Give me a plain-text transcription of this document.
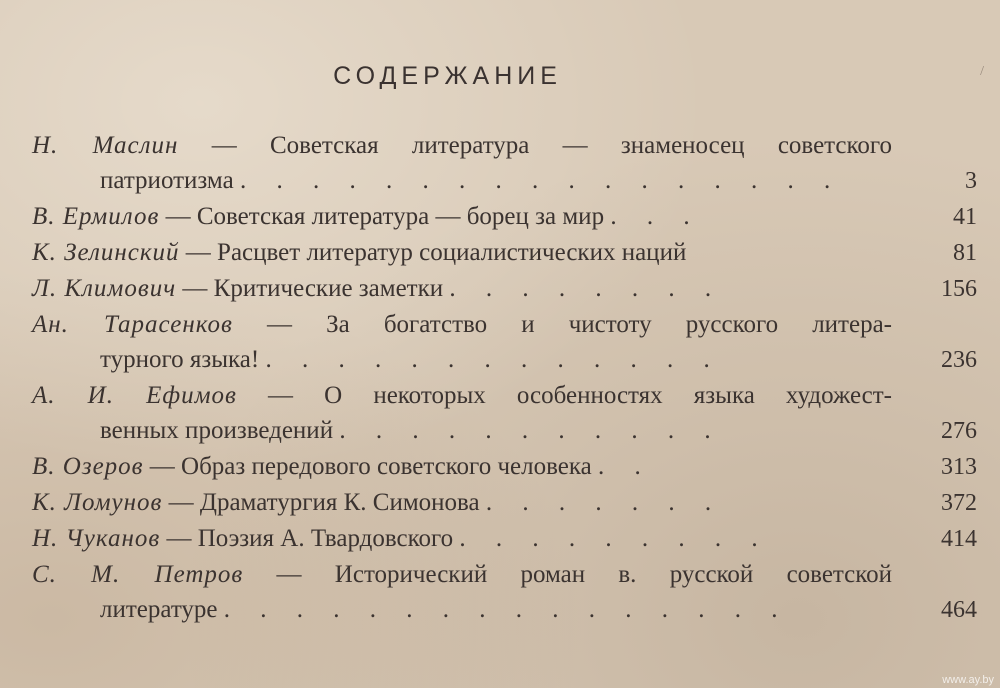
/
СОДЕРЖАНИЕ
Н. Маслин — Советская литература — знаменосец советского
патриотизма . . . . . . . . . . . . . . . . .	3
В. Ермилов — Советская литература — борец за мир . . .	41
К. Зелинский — Расцвет литератур социалистических наций	81
Л. Климович — Критические заметки . . . . . . . .	156
Ан. Тарасенков — За богатство и чистоту русского литера-
турного языка! . . . . . . . . . . . . .	236
А. И. Ефимов — О некоторых особенностях языка художест-
венных произведений . . . . . . . . . . .	276
В. Озеров — Образ передового советского человека . .	313
К. Ломунов — Драматургия К. Симонова . . . . . . .	372
Н. Чуканов — Поэзия А. Твардовского . . . . . . . . .	414
С. М. Петров — Исторический роман в. русской советской
литературе . . . . . . . . . . . . . . . .	464
www.ay.by
